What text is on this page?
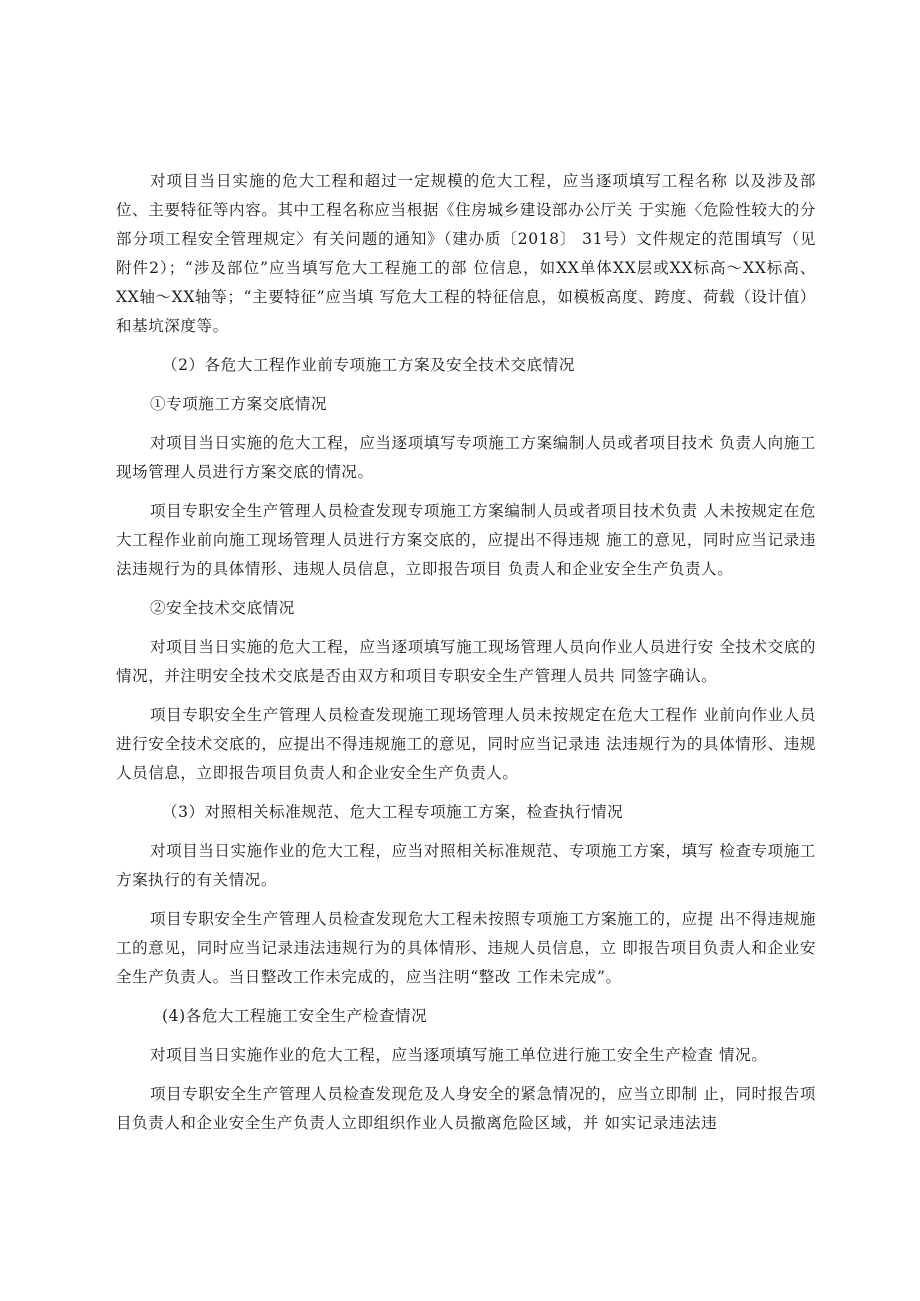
对项目当日实施的危大工程和超过一定规模的危大工程，应当逐项填写工程名称 以及涉及部位、主要特征等内容。其中工程名称应当根据《住房城乡建设部办公厅关 于实施〈危险性较大的分部分项工程安全管理规定〉有关问题的通知》（建办质〔2018〕 31号）文件规定的范围填写（见附件2）；“涉及部位”应当填写危大工程施工的部 位信息，如XX单体XX层或XX标高～XX标高、XX轴～XX轴等；“主要特征”应当填 写危大工程的特征信息，如模板高度、跨度、荷载（设计值）和基坑深度等。

（2）各危大工程作业前专项施工方案及安全技术交底情况

①专项施工方案交底情况

对项目当日实施的危大工程，应当逐项填写专项施工方案编制人员或者项目技术 负责人向施工现场管理人员进行方案交底的情况。

项目专职安全生产管理人员检查发现专项施工方案编制人员或者项目技术负责 人未按规定在危大工程作业前向施工现场管理人员进行方案交底的，应提出不得违规 施工的意见，同时应当记录违法违规行为的具体情形、违规人员信息，立即报告项目 负责人和企业安全生产负责人。

②安全技术交底情况

对项目当日实施的危大工程，应当逐项填写施工现场管理人员向作业人员进行安 全技术交底的情况，并注明安全技术交底是否由双方和项目专职安全生产管理人员共 同签字确认。

项目专职安全生产管理人员检查发现施工现场管理人员未按规定在危大工程作 业前向作业人员进行安全技术交底的，应提出不得违规施工的意见，同时应当记录违 法违规行为的具体情形、违规人员信息，立即报告项目负责人和企业安全生产负责人。

（3）对照相关标准规范、危大工程专项施工方案，检查执行情况

对项目当日实施作业的危大工程，应当对照相关标准规范、专项施工方案，填写 检查专项施工方案执行的有关情况。

项目专职安全生产管理人员检查发现危大工程未按照专项施工方案施工的，应提 出不得违规施工的意见，同时应当记录违法违规行为的具体情形、违规人员信息，立 即报告项目负责人和企业安全生产负责人。当日整改工作未完成的，应当注明“整改 工作未完成”。

(4)各危大工程施工安全生产检查情况

对项目当日实施作业的危大工程，应当逐项填写施工单位进行施工安全生产检查 情况。

项目专职安全生产管理人员检查发现危及人身安全的紧急情况的，应当立即制 止，同时报告项目负责人和企业安全生产负责人立即组织作业人员撤离危险区域，并 如实记录违法违
